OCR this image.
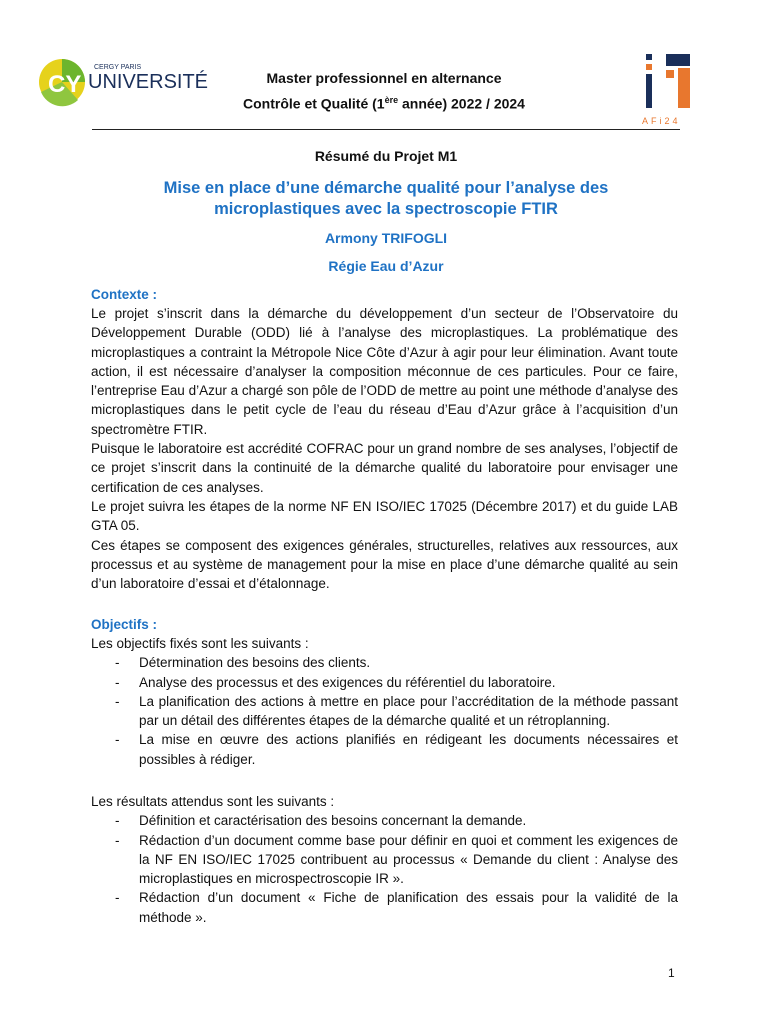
CY
CERGY PARIS
UNIVERSITÉ
AFi24
Master professionnel en alternance
Contrôle et Qualité (1ère année) 2022 / 2024
Résumé du Projet M1
Mise en place d’une démarche qualité pour l’analyse des
microplastiques avec la spectroscopie FTIR
Armony TRIFOGLI
Régie Eau d’Azur
Contexte :

Le projet s’inscrit dans la démarche du développement d’un secteur de l’Observatoire du Développement Durable (ODD) lié à l’analyse des microplastiques. La problématique des microplastiques a contraint la Métropole Nice Côte d’Azur à agir pour leur élimination. Avant toute action, il est nécessaire d’analyser la composition méconnue de ces particules. Pour ce faire, l’entreprise Eau d’Azur a chargé son pôle de l’ODD de mettre au point une méthode d’analyse des microplastiques dans le petit cycle de l’eau du réseau d’Eau d’Azur grâce à l’acquisition d’un spectromètre FTIR.

Puisque le laboratoire est accrédité COFRAC pour un grand nombre de ses analyses, l’objectif de ce projet s’inscrit dans la continuité de la démarche qualité du laboratoire pour envisager une certification de ces analyses.

Le projet suivra les étapes de la norme NF EN ISO/IEC 17025 (Décembre 2017) et du guide LAB GTA 05.

Ces étapes se composent des exigences générales, structurelles, relatives aux ressources, aux processus et au système de management pour la mise en place d’une démarche qualité au sein d’un laboratoire d’essai et d’étalonnage.

Objectifs :

Les objectifs fixés sont les suivants :

- Détermination des besoins des clients.
- Analyse des processus et des exigences du référentiel du laboratoire.
- La planification des actions à mettre en place pour l’accréditation de la méthode passant par un détail des différentes étapes de la démarche qualité et un rétroplanning.
- La mise en œuvre des actions planifiés en rédigeant les documents nécessaires et possibles à rédiger.

Les résultats attendus sont les suivants :

- Définition et caractérisation des besoins concernant la demande.
- Rédaction d’un document comme base pour définir en quoi et comment les exigences de la NF EN ISO/IEC 17025 contribuent au processus « Demande du client : Analyse des microplastiques en microspectroscopie IR ».
- Rédaction d’un document « Fiche de planification des essais pour la validité de la méthode ».
1
